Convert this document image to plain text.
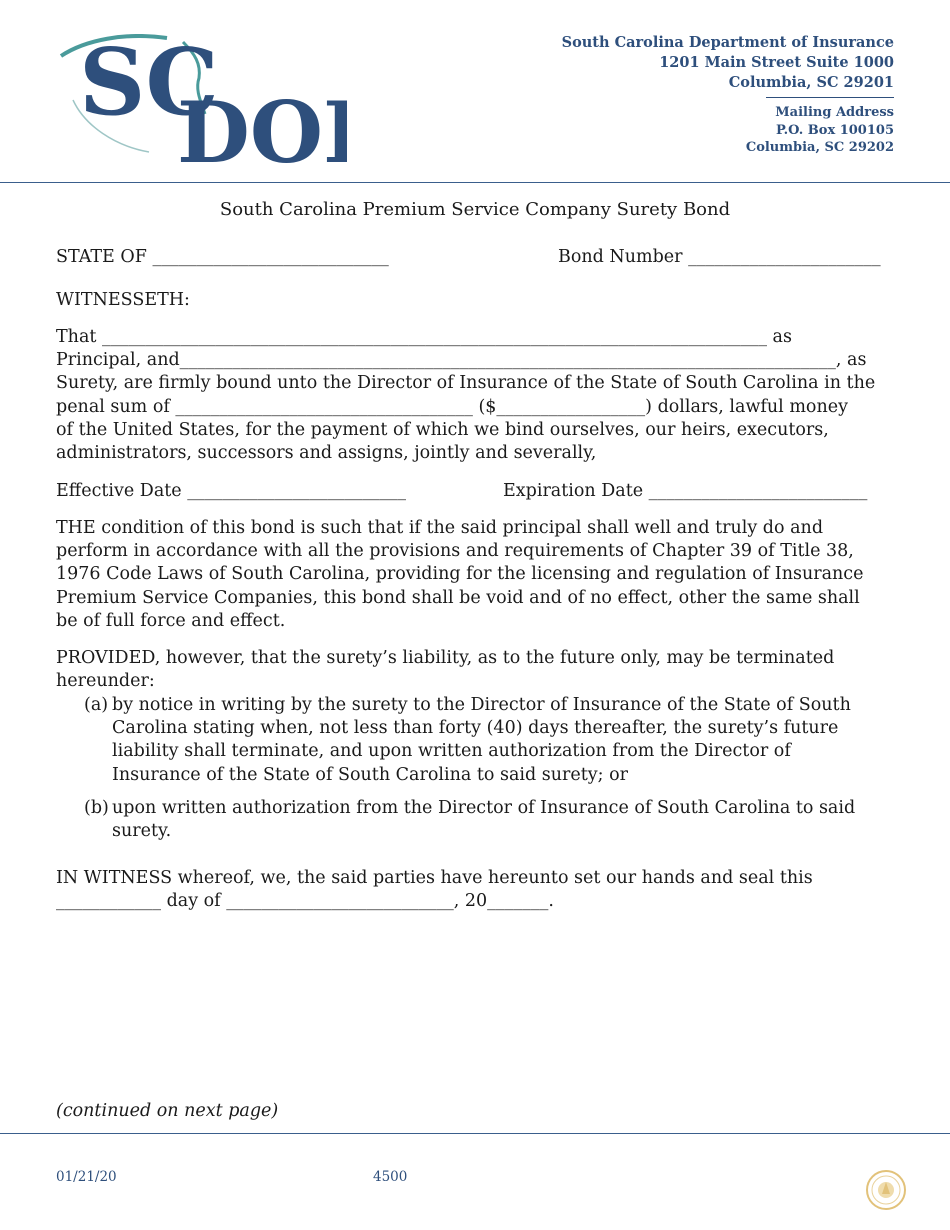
SC
DOI
South Carolina Department of Insurance
1201 Main Street Suite 1000
Columbia, SC 29201
Mailing Address
P.O. Box 100105
Columbia, SC 29202
South Carolina Premium Service Company Surety Bond
STATE OF ___________________________	Bond Number ______________________
WITNESSETH:
That ____________________________________________________________________________ as
Principal, and___________________________________________________________________________, as
Surety, are firmly bound unto the Director of Insurance of the State of South Carolina in the
penal sum of __________________________________ ($_________________) dollars, lawful money
of the United States, for the payment of which we bind ourselves, our heirs, executors,
administrators, successors and assigns, jointly and severally,
Effective Date _________________________	Expiration Date _________________________
THE condition of this bond is such that if the said principal shall well and truly do and
perform in accordance with all the provisions and requirements of Chapter 39 of Title 38,
1976 Code Laws of South Carolina, providing for the licensing and regulation of Insurance
Premium Service Companies, this bond shall be void and of no effect, other the same shall
be of full force and effect.
PROVIDED, however, that the surety’s liability, as to the future only, may be terminated
hereunder:
(a) by notice in writing by the surety to the Director of Insurance of the State of South
Carolina stating when, not less than forty (40) days thereafter, the surety’s future
liability shall terminate, and upon written authorization from the Director of
Insurance of the State of South Carolina to said surety; or
(b) upon written authorization from the Director of Insurance of South Carolina to said
surety.
IN WITNESS whereof, we, the said parties have hereunto set our hands and seal this
____________ day of __________________________, 20_______.
(continued on next page)
01/21/20	4500
